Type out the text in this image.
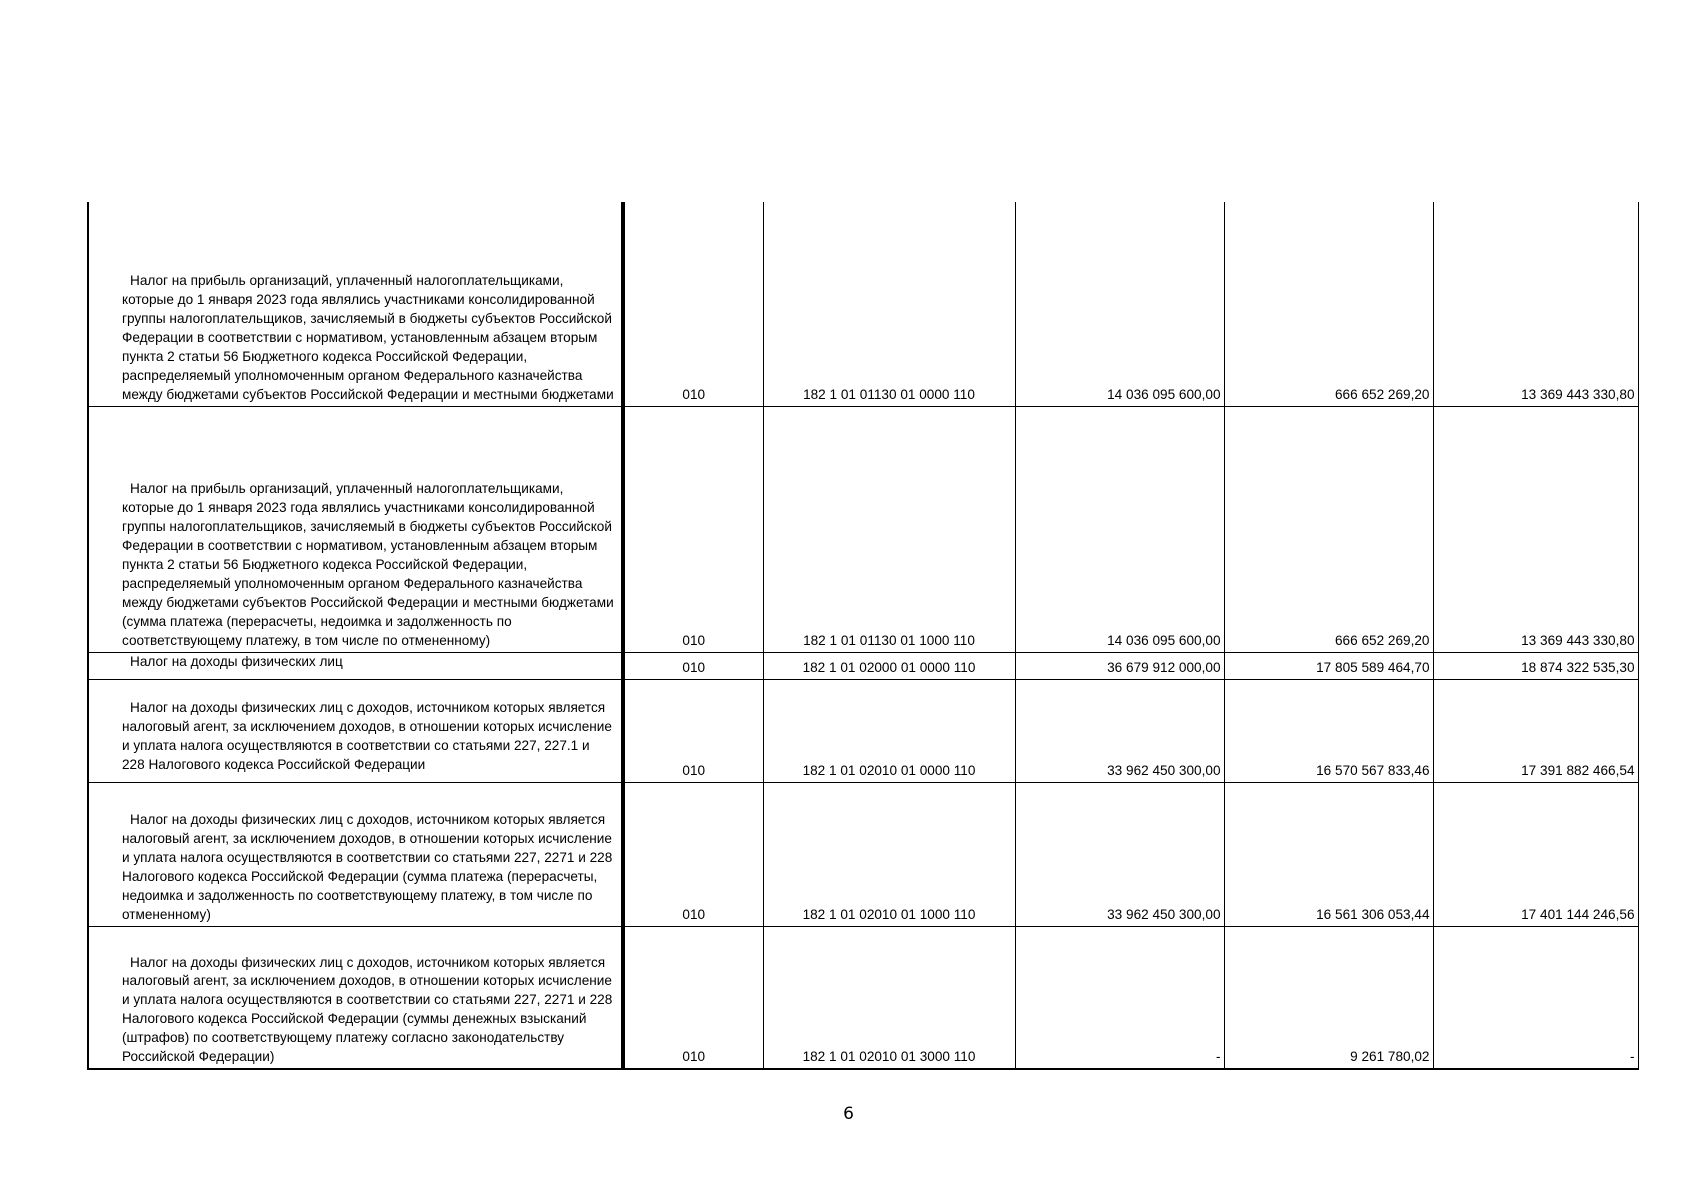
Налог на прибыль организаций, уплаченный налогоплательщиками, которые до 1 января 2023 года являлись участниками консолидированной группы налогоплательщиков, зачисляемый в бюджеты субъектов Российской Федерации в соответствии с нормативом, установленным абзацем вторым пункта 2 статьи 56 Бюджетного кодекса Российской Федерации, распределяемый уполномоченным органом Федерального казначейства между бюджетами субъектов Российской Федерации и местными бюджетами	010	182 1 01 01130 01 0000 110	14 036 095 600,00	666 652 269,20	13 369 443 330,80

Налог на прибыль организаций, уплаченный налогоплательщиками, которые до 1 января 2023 года являлись участниками консолидированной группы налогоплательщиков, зачисляемый в бюджеты субъектов Российской Федерации в соответствии с нормативом, установленным абзацем вторым пункта 2 статьи 56 Бюджетного кодекса Российской Федерации, распределяемый уполномоченным органом Федерального казначейства между бюджетами субъектов Российской Федерации и местными бюджетами (сумма платежа (перерасчеты, недоимка и задолженность по соответствующему платежу, в том числе по отмененному)	010	182 1 01 01130 01 1000 110	14 036 095 600,00	666 652 269,20	13 369 443 330,80

Налог на доходы физических лиц	010	182 1 01 02000 01 0000 110	36 679 912 000,00	17 805 589 464,70	18 874 322 535,30

Налог на доходы физических лиц с доходов, источником которых является налоговый агент, за исключением доходов, в отношении которых исчисление и уплата налога осуществляются в соответствии со статьями 227, 227.1 и 228 Налогового кодекса Российской Федерации	010	182 1 01 02010 01 0000 110	33 962 450 300,00	16 570 567 833,46	17 391 882 466,54

Налог на доходы физических лиц с доходов, источником которых является налоговый агент, за исключением доходов, в отношении которых исчисление и уплата налога осуществляются в соответствии со статьями 227, 2271 и 228 Налогового кодекса Российской Федерации (сумма платежа (перерасчеты, недоимка и задолженность по соответствующему платежу, в том числе по отмененному)	010	182 1 01 02010 01 1000 110	33 962 450 300,00	16 561 306 053,44	17 401 144 246,56

Налог на доходы физических лиц с доходов, источником которых является налоговый агент, за исключением доходов, в отношении которых исчисление и уплата налога осуществляются в соответствии со статьями 227, 2271 и 228 Налогового кодекса Российской Федерации (суммы денежных взысканий (штрафов) по соответствующему платежу согласно законодательству Российской Федерации)	010	182 1 01 02010 01 3000 110	-	9 261 780,02	-
6
